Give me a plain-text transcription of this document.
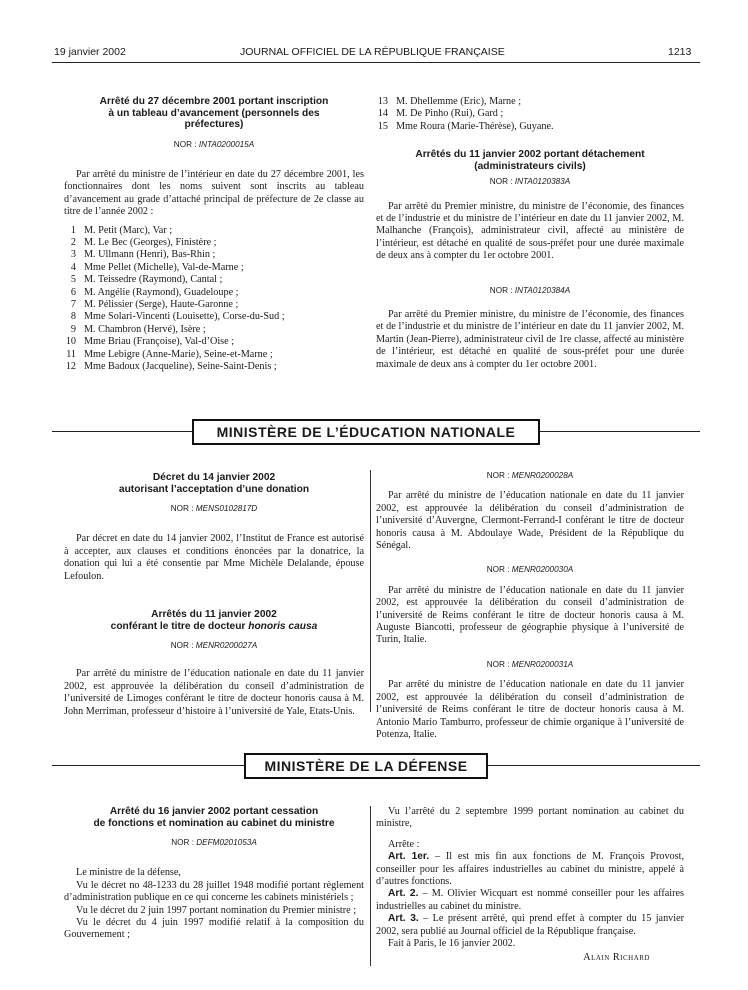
19 janvier 2002	JOURNAL OFFICIEL DE LA RÉPUBLIQUE FRANÇAISE	1213
Arrêté du 27 décembre 2001 portant inscription
à un tableau d’avancement (personnels des
préfectures)
NOR : INTA0200015A

Par arrêté du ministre de l’intérieur en date du 27 décembre 2001, les fonctionnaires dont les noms suivent sont inscrits au tableau d’avancement au grade d’attaché principal de préfecture de 2e classe au titre de l’année 2002 :

1 M. Petit (Marc), Var ;
2 M. Le Bec (Georges), Finistère ;
3 M. Ullmann (Henri), Bas-Rhin ;
4 Mme Pellet (Michelle), Val-de-Marne ;
5 M. Teissedre (Raymond), Cantal ;
6 M. Angélie (Raymond), Guadeloupe ;
7 M. Pélissier (Serge), Haute-Garonne ;
8 Mme Solari-Vincenti (Louisette), Corse-du-Sud ;
9 M. Chambron (Hervé), Isère ;
10 Mme Briau (Françoise), Val-d’Oise ;
11 Mme Lebigre (Anne-Marie), Seine-et-Marne ;
12 Mme Badoux (Jacqueline), Seine-Saint-Denis ;
13 M. Dhellemme (Eric), Marne ;
14 M. De Pinho (Rui), Gard ;
15 Mme Roura (Marie-Thérèse), Guyane.
Arrêtés du 11 janvier 2002 portant détachement
(administrateurs civils)
NOR : INTA0120383A

Par arrêté du Premier ministre, du ministre de l’économie, des finances et de l’industrie et du ministre de l’intérieur en date du 11 janvier 2002, M. Malhanche (François), administrateur civil, affecté au ministère de l’intérieur, est détaché en qualité de sous-préfet pour une durée maximale de deux ans à compter du 1er octobre 2001.

NOR : INTA0120384A

Par arrêté du Premier ministre, du ministre de l’économie, des finances et de l’industrie et du ministre de l’intérieur en date du 11 janvier 2002, M. Martin (Jean-Pierre), administrateur civil de 1re classe, affecté au ministère de l’intérieur, est détaché en qualité de sous-préfet pour une durée maximale de deux ans à compter du 1er octobre 2001.

MINISTÈRE DE L’ÉDUCATION NATIONALE
Décret du 14 janvier 2002
autorisant l’acceptation d’une donation
NOR : MENS0102817D

Par décret en date du 14 janvier 2002, l’Institut de France est autorisé à accepter, aux clauses et conditions énoncées par la donatrice, la donation qui lui a été consentie par Mme Michèle Delalande, épouse Lefoulon.

Arrêtés du 11 janvier 2002
conférant le titre de docteur honoris causa
NOR : MENR0200027A

Par arrêté du ministre de l’éducation nationale en date du 11 janvier 2002, est approuvée la délibération du conseil d’administration de l’université de Limoges conférant le titre de docteur honoris causa à M. John Merriman, professeur d’histoire à l’université de Yale, Etats-Unis.

NOR : MENR0200028A

Par arrêté du ministre de l’éducation nationale en date du 11 janvier 2002, est approuvée la délibération du conseil d’administration de l’université d’Auvergne, Clermont-Ferrand-I conférant le titre de docteur honoris causa à M. Abdoulaye Wade, Président de la République du Sénégal.

NOR : MENR0200030A

Par arrêté du ministre de l’éducation nationale en date du 11 janvier 2002, est approuvée la délibération du conseil d’administration de l’université de Reims conférant le titre de docteur honoris causa à M. Auguste Biancotti, professeur de géographie physique à l’université de Turin, Italie.

NOR : MENR0200031A

Par arrêté du ministre de l’éducation nationale en date du 11 janvier 2002, est approuvée la délibération du conseil d’administration de l’université de Reims conférant le titre de docteur honoris causa à M. Antonio Mario Tamburro, professeur de chimie organique à l’université de Potenza, Italie.

MINISTÈRE DE LA DÉFENSE
Arrêté du 16 janvier 2002 portant cessation
de fonctions et nomination au cabinet du ministre
NOR : DEFM0201053A

Le ministre de la défense,

Vu le décret no 48-1233 du 28 juillet 1948 modifié portant règlement d’administration publique en ce qui concerne les cabinets ministériels ;

Vu le décret du 2 juin 1997 portant nomination du Premier ministre ;

Vu le décret du 4 juin 1997 modifié relatif à la composition du Gouvernement ;

Vu l’arrêté du 2 septembre 1999 portant nomination au cabinet du ministre,

Arrête :

Art. 1er. – Il est mis fin aux fonctions de M. François Provost, conseiller pour les affaires industrielles au cabinet du ministre, appelé à d’autres fonctions.

Art. 2. – M. Olivier Wicquart est nommé conseiller pour les affaires industrielles au cabinet du ministre.

Art. 3. – Le présent arrêté, qui prend effet à compter du 15 janvier 2002, sera publié au Journal officiel de la République française.

Fait à Paris, le 16 janvier 2002.

Alain Richard
